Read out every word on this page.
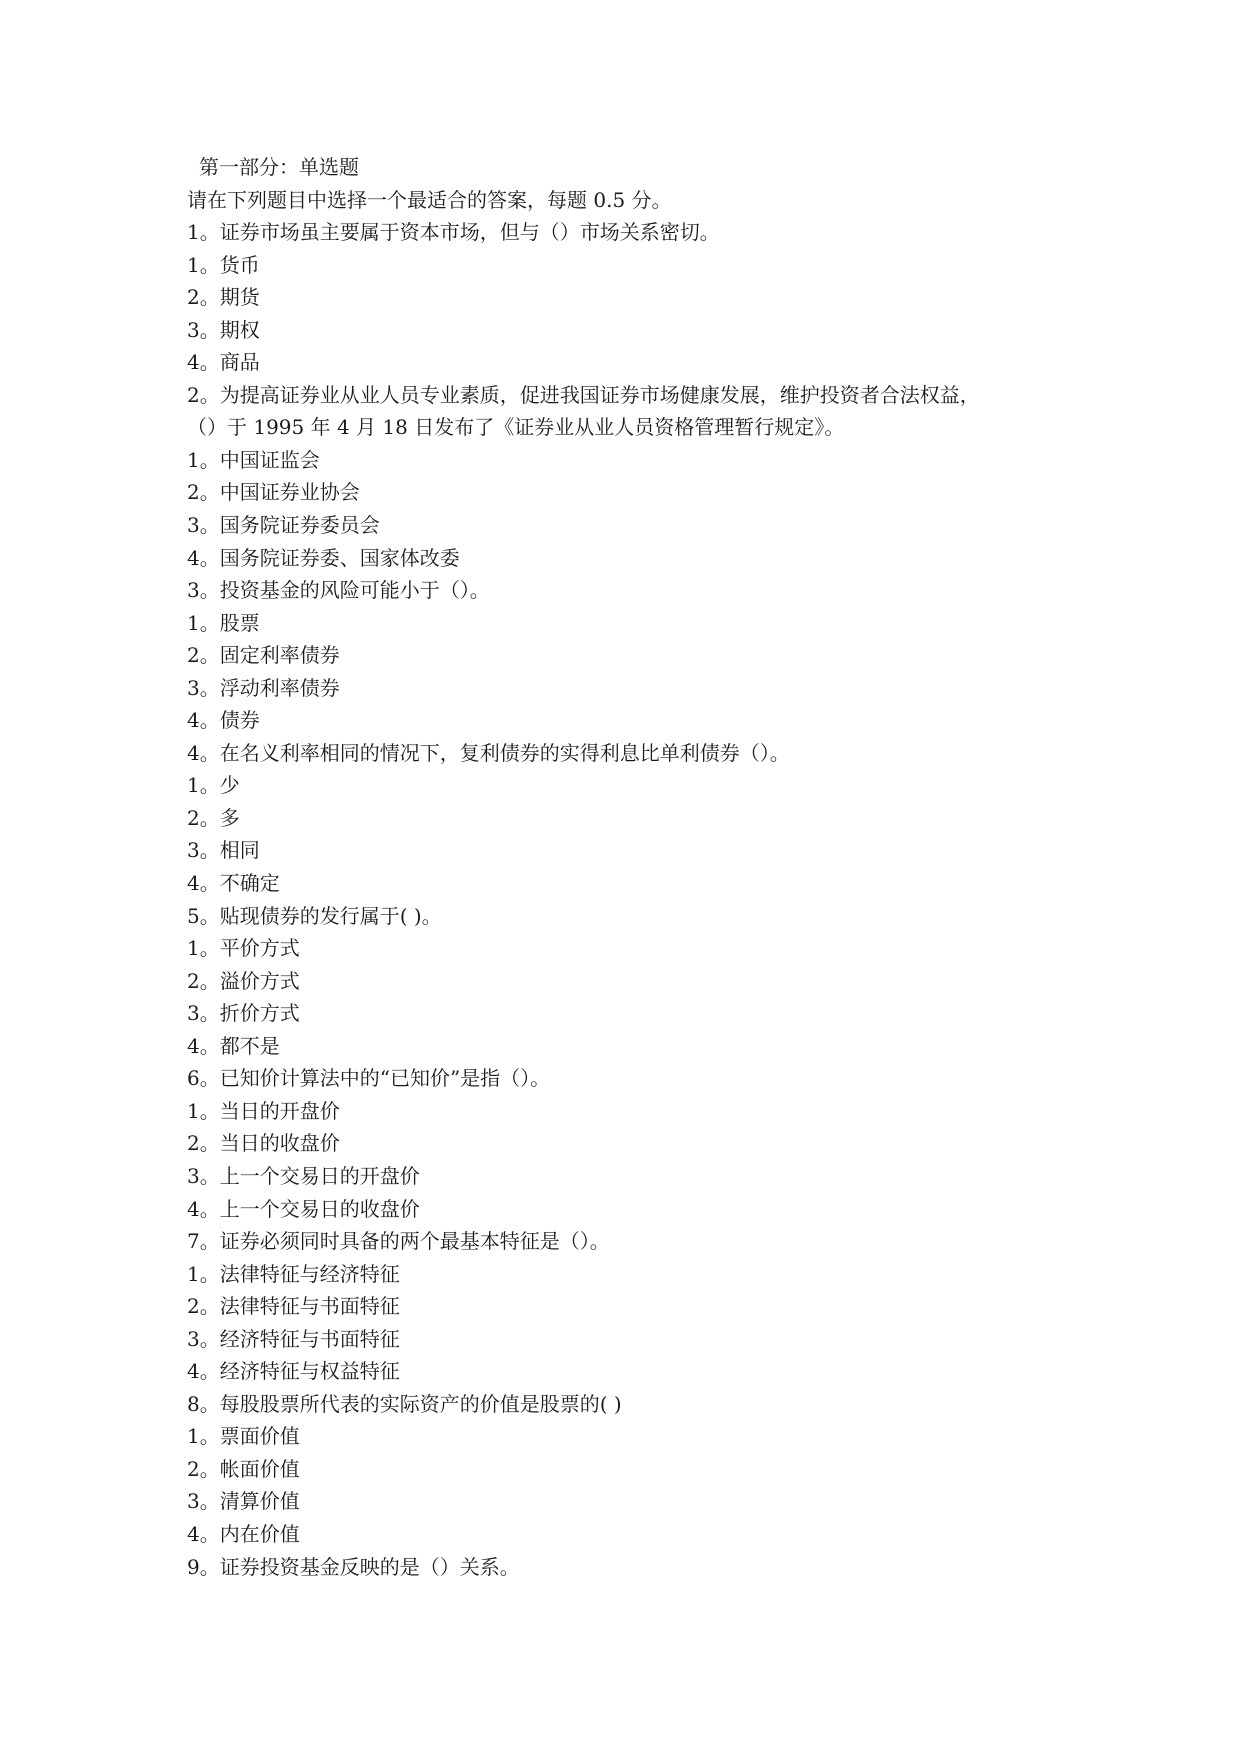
第一部分：单选题
请在下列题目中选择一个最适合的答案，每题 0.5 分。
1。证券市场虽主要属于资本市场，但与（）市场关系密切。
1。货币
2。期货
3。期权
4。商品
2。为提高证券业从业人员专业素质，促进我国证券市场健康发展，维护投资者合法权益，
（）于 1995 年 4 月 18 日发布了《证券业从业人员资格管理暂行规定》。
1。中国证监会
2。中国证券业协会
3。国务院证券委员会
4。国务院证券委、国家体改委
3。投资基金的风险可能小于（）。
1。股票
2。固定利率债券
3。浮动利率债券
4。债券
4。在名义利率相同的情况下，复利债券的实得利息比单利债券（）。
1。少
2。多
3。相同
4。不确定
5。贴现债券的发行属于( )。
1。平价方式
2。溢价方式
3。折价方式
4。都不是
6。已知价计算法中的“已知价”是指（）。
1。当日的开盘价
2。当日的收盘价
3。上一个交易日的开盘价
4。上一个交易日的收盘价
7。证券必须同时具备的两个最基本特征是（）。
1。法律特征与经济特征
2。法律特征与书面特征
3。经济特征与书面特征
4。经济特征与权益特征
8。每股股票所代表的实际资产的价值是股票的( )
1。票面价值
2。帐面价值
3。清算价值
4。内在价值
9。证券投资基金反映的是（）关系。
